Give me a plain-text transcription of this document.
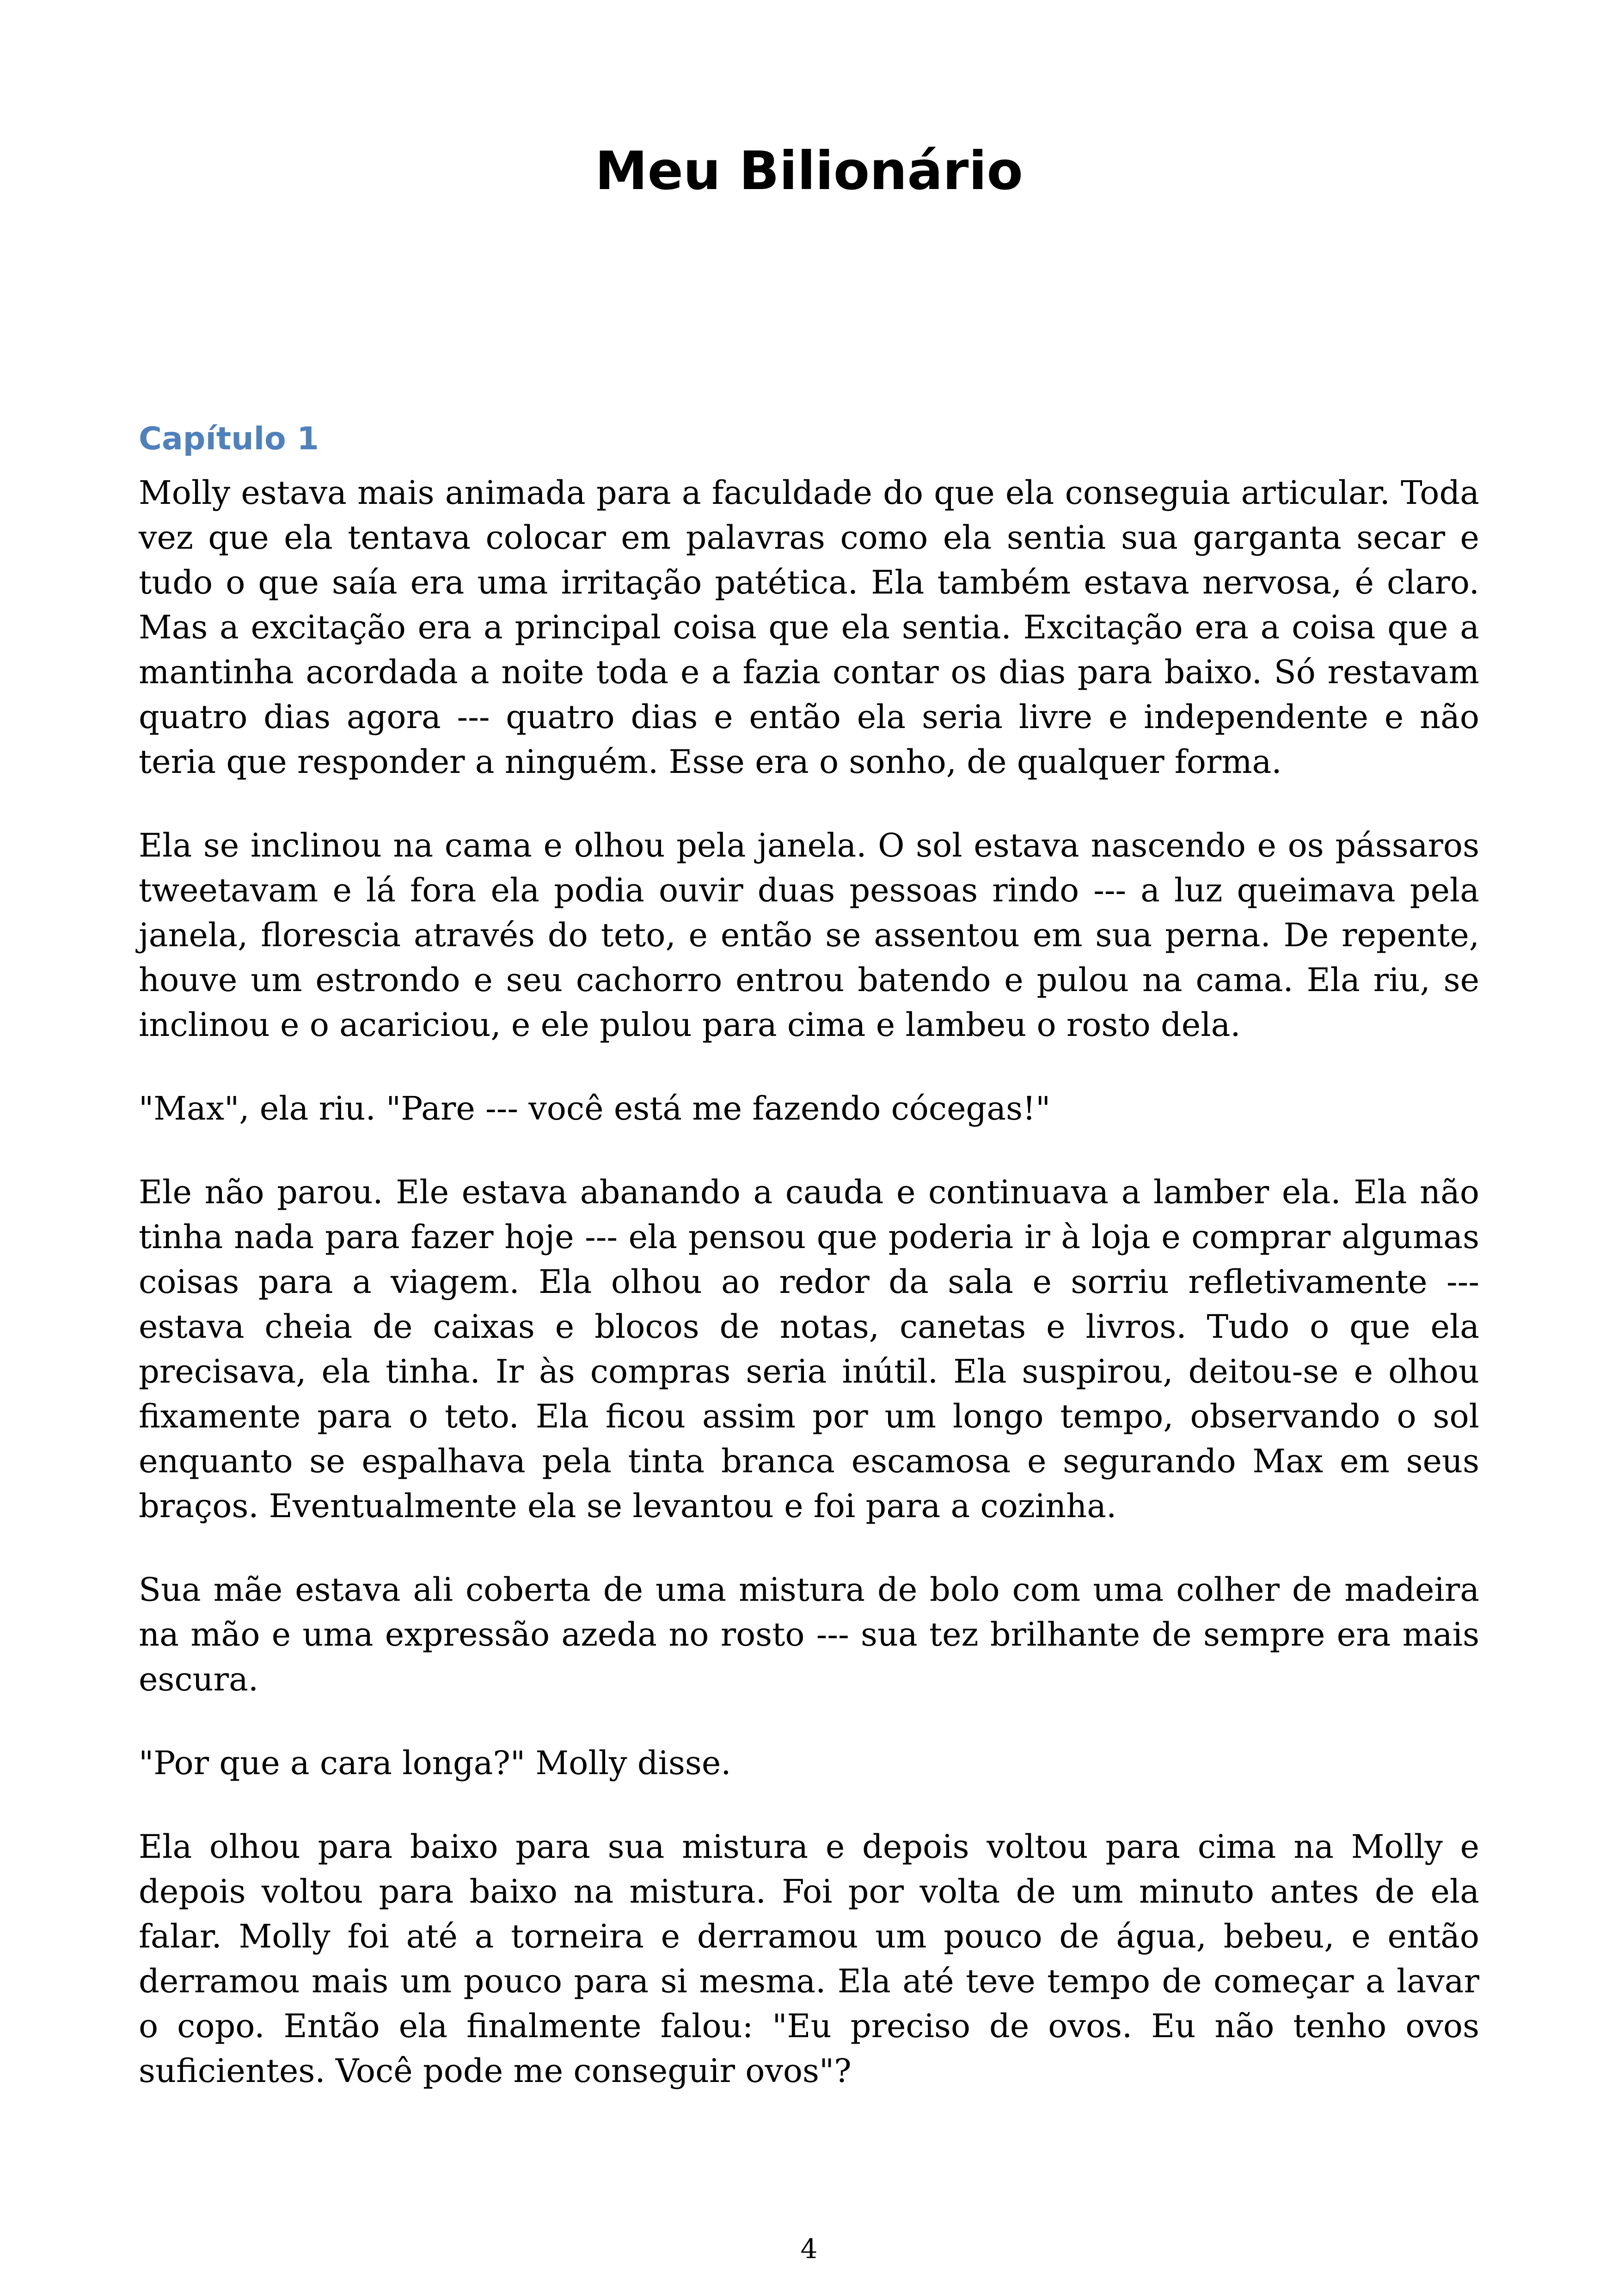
Meu Bilionário
Capítulo 1

Molly estava mais animada para a faculdade do que ela conseguia articular. Toda vez que ela tentava colocar em palavras como ela sentia sua garganta secar e tudo o que saía era uma irritação patética. Ela também estava nervosa, é claro. Mas a excitação era a principal coisa que ela sentia. Excitação era a coisa que a mantinha acordada a noite toda e a fazia contar os dias para baixo. Só restavam quatro dias agora --- quatro dias e então ela seria livre e independente e não teria que responder a ninguém. Esse era o sonho, de qualquer forma.

Ela se inclinou na cama e olhou pela janela. O sol estava nascendo e os pássaros tweetavam e lá fora ela podia ouvir duas pessoas rindo --- a luz queimava pela janela, florescia através do teto, e então se assentou em sua perna. De repente, houve um estrondo e seu cachorro entrou batendo e pulou na cama. Ela riu, se inclinou e o acariciou, e ele pulou para cima e lambeu o rosto dela.

"Max", ela riu. "Pare --- você está me fazendo cócegas!"

Ele não parou. Ele estava abanando a cauda e continuava a lamber ela. Ela não tinha nada para fazer hoje --- ela pensou que poderia ir à loja e comprar algumas coisas para a viagem. Ela olhou ao redor da sala e sorriu refletivamente --- estava cheia de caixas e blocos de notas, canetas e livros. Tudo o que ela precisava, ela tinha. Ir às compras seria inútil. Ela suspirou, deitou-se e olhou fixamente para o teto. Ela ficou assim por um longo tempo, observando o sol enquanto se espalhava pela tinta branca escamosa e segurando Max em seus braços. Eventualmente ela se levantou e foi para a cozinha.

Sua mãe estava ali coberta de uma mistura de bolo com uma colher de madeira na mão e uma expressão azeda no rosto --- sua tez brilhante de sempre era mais escura.

"Por que a cara longa?" Molly disse.

Ela olhou para baixo para sua mistura e depois voltou para cima na Molly e depois voltou para baixo na mistura. Foi por volta de um minuto antes de ela falar. Molly foi até a torneira e derramou um pouco de água, bebeu, e então derramou mais um pouco para si mesma. Ela até teve tempo de começar a lavar o copo. Então ela finalmente falou: "Eu preciso de ovos. Eu não tenho ovos suficientes. Você pode me conseguir ovos"?

4
